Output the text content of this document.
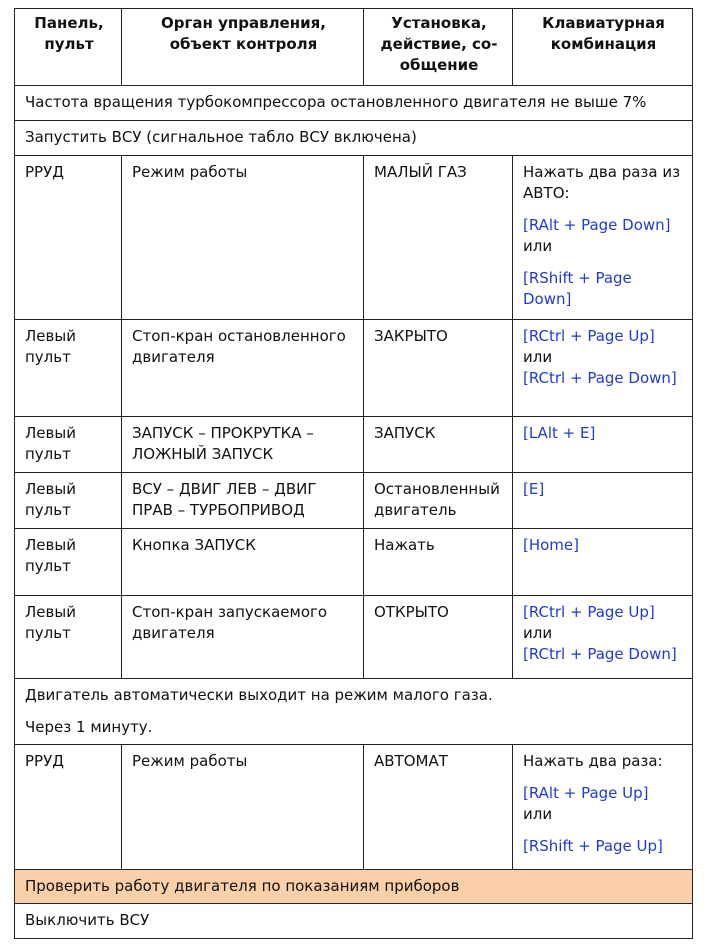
Панель, пульт	Орган управления, объект контроля	Установка, действие, со-общение	Клавиатурная комбинация
Частота вращения турбокомпрессора остановленного двигателя не выше 7%			
Запустить ВСУ (сигнальное табло ВСУ включена)			
РРУД	Режим работы	МАЛЫЙ ГАЗ	Нажать два раза из АВТО:
[RAlt + Page Down]
или
[RShift + Page Down]

Левый пульт	Стоп-кран остановленного двигателя	ЗАКРЫТО	[RCtrl + Page Up]
или
[RCtrl + Page Down]

Левый пульт	ЗАПУСК – ПРОКРУТКА – ЛОЖНЫЙ ЗАПУСК	ЗАПУСК	[LAlt + E]

Левый пульт	ВСУ – ДВИГ ЛЕВ – ДВИГ ПРАВ – ТУРБОПРИВОД	Остановленный двигатель	[E]

Левый пульт	Кнопка ЗАПУСК	Нажать	[Home]

Левый пульт	Стоп-кран запускаемого двигателя	ОТКРЫТО	[RCtrl + Page Up]
или
[RCtrl + Page Down]

Двигатель автоматически выходит на режим малого газа.
Через 1 минуту.			

РРУД	Режим работы	АВТОМАТ	Нажать два раза:
[RAlt + Page Up]
или
[RShift + Page Up]

Проверить работу двигателя по показаниям приборов			
Выключить ВСУ			
